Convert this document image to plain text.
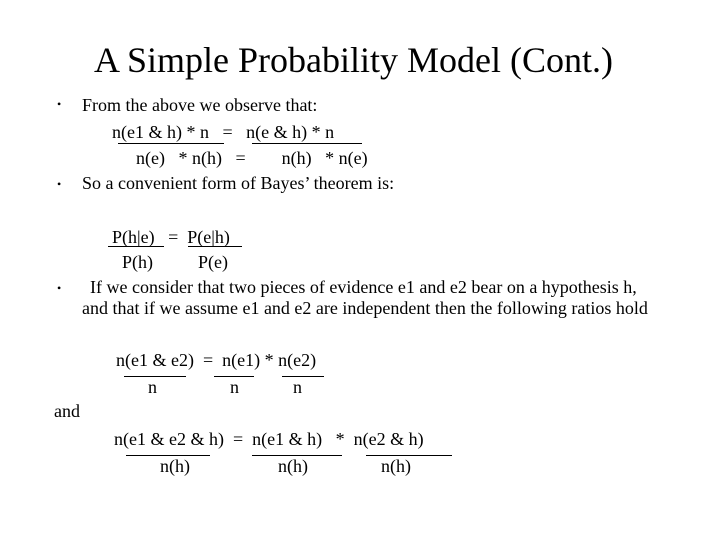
A Simple Probability Model (Cont.)
• From the above we observe that:
n(e1 & h) * n   =   n(e & h) * n
n(e)   * n(h)   =        n(h)   * n(e)
• So a convenient form of Bayes’ theorem is:
P(h|e)   =  P(e|h)
P(h)          P(e)
• If we consider that two pieces of evidence e1 and e2 bear on a hypothesis h,
and that if we assume e1 and e2 are independent then the following ratios hold
n(e1 & e2)  =  n(e1) * n(e2)
n	n	n
and
n(e1 & e2 & h)  =  n(e1 & h)   *  n(e2 & h)
n(h)	n(h)	n(h)
